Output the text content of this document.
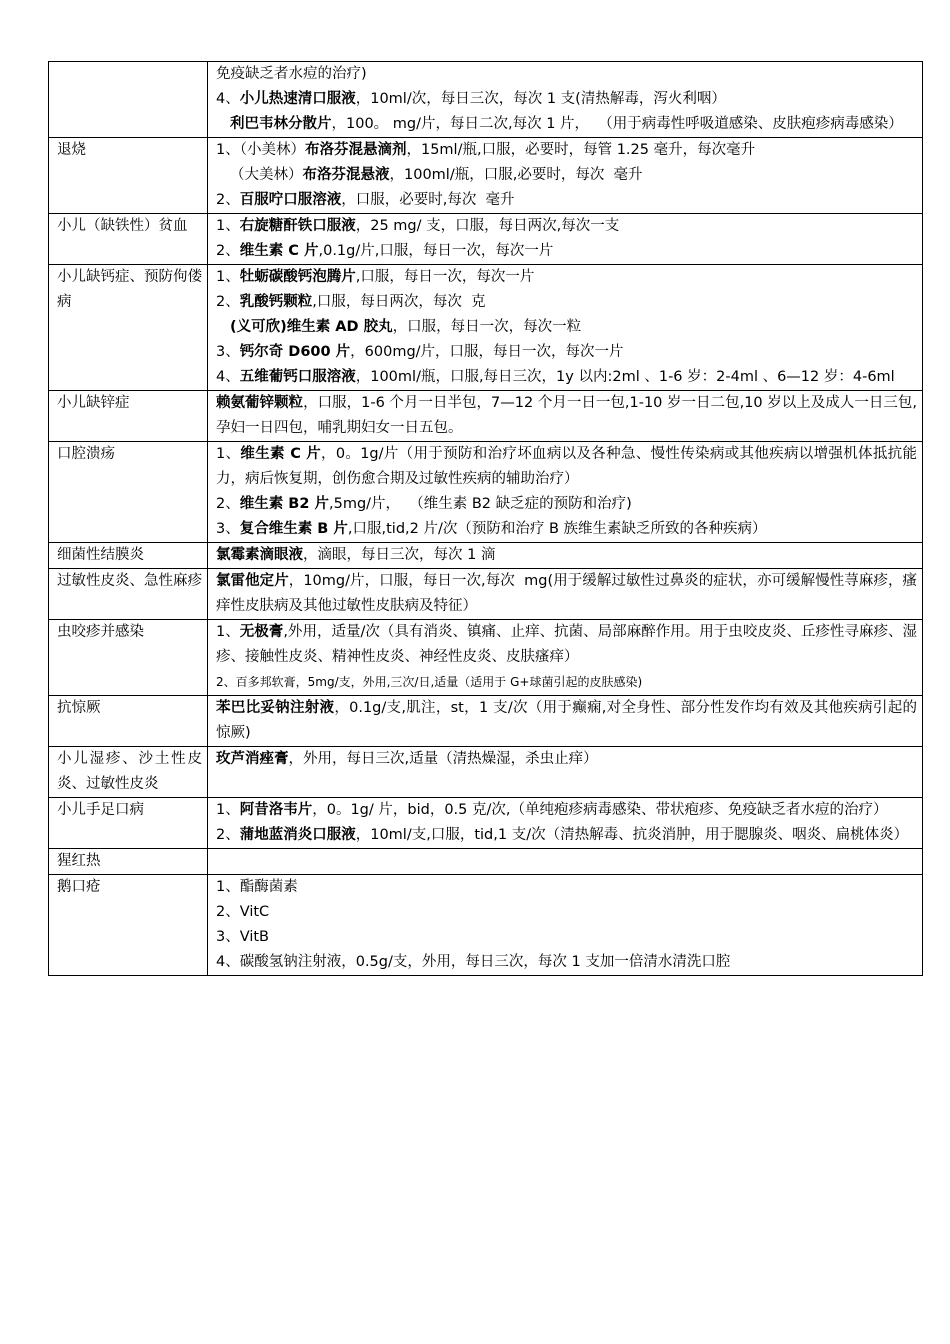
	免疫缺乏者水痘的治疗)
4、小儿热速清口服液，10ml/次，每日三次，每次 1 支(清热解毒，泻火利咽）
利巴韦林分散片，100。 mg/片，每日二次,每次 1 片，  （用于病毒性呼吸道感染、皮肤疱疹病毒感染）

退烧	1、（小美林）布洛芬混悬滴剂，15ml/瓶,口服，必要时，每管 1.25 毫升，每次毫升
（大美林）布洛芬混悬液，100ml/瓶，口服,必要时，每次  毫升
2、百服咛口服溶液，口服，必要时,每次  毫升

小儿（缺铁性）贫血	1、右旋糖酐铁口服液，25 mg/ 支，口服，每日两次,每次一支
2、维生素 C 片,0.1g/片,口服，每日一次，每次一片

小儿缺钙症、预防佝偻病	1、牡蛎碳酸钙泡腾片,口服，每日一次，每次一片
2、乳酸钙颗粒,口服，每日两次，每次  克
(义可欣)维生素 AD 胶丸，口服，每日一次，每次一粒
3、钙尔奇 D600 片，600mg/片，口服，每日一次，每次一片
4、五维葡钙口服溶液，100ml/瓶，口服,每日三次，1y 以内:2ml 、1-6 岁：2-4ml 、6—12 岁：4-6ml

小儿缺锌症	赖氨葡锌颗粒，口服，1-6 个月一日半包，7—12 个月一日一包,1-10 岁一日二包,10 岁以上及成人一日三包,孕妇一日四包，哺乳期妇女一日五包。

口腔溃疡	1、维生素 C 片，0。1g/片（用于预防和治疗坏血病以及各种急、慢性传染病或其他疾病以增强机体抵抗能力，病后恢复期，创伤愈合期及过敏性疾病的辅助治疗）
2、维生素 B2 片,5mg/片，  （维生素 B2 缺乏症的预防和治疗)
3、复合维生素 B 片,口服,tid,2 片/次（预防和治疗 B 族维生素缺乏所致的各种疾病）

细菌性结膜炎	氯霉素滴眼液，滴眼，每日三次，每次 1 滴

过敏性皮炎、急性麻疹	氯雷他定片，10mg/片，口服，每日一次,每次  mg(用于缓解过敏性过鼻炎的症状，亦可缓解慢性荨麻疹，瘙痒性皮肤病及其他过敏性皮肤病及特征）

虫咬疹并感染	1、无极膏,外用，适量/次（具有消炎、镇痛、止痒、抗菌、局部麻醉作用。用于虫咬皮炎、丘疹性寻麻疹、湿疹、接触性皮炎、精神性皮炎、神经性皮炎、皮肤瘙痒）
2、百多邦软膏，5mg/支，外用,三次/日,适量（适用于 G+球菌引起的皮肤感染)

抗惊厥	苯巴比妥钠注射液，0.1g/支,肌注，st，1 支/次（用于癫痫,对全身性、部分性发作均有效及其他疾病引起的惊厥)

小儿湿疹、沙土性皮炎、过敏性皮炎	玫芦消痤膏，外用，每日三次,适量（清热燥湿，杀虫止痒）

小儿手足口病	1、阿昔洛韦片，0。1g/ 片，bid，0.5 克/次,（单纯疱疹病毒感染、带状疱疹、免疫缺乏者水痘的治疗）
2、蒲地蓝消炎口服液，10ml/支,口服，tid,1 支/次（清热解毒、抗炎消肿，用于腮腺炎、咽炎、扁桃体炎）

猩红热	

鹅口疮	1、酯酶菌素
2、VitC
3、VitB
4、碳酸氢钠注射液，0.5g/支，外用，每日三次，每次 1 支加一倍清水清洗口腔
